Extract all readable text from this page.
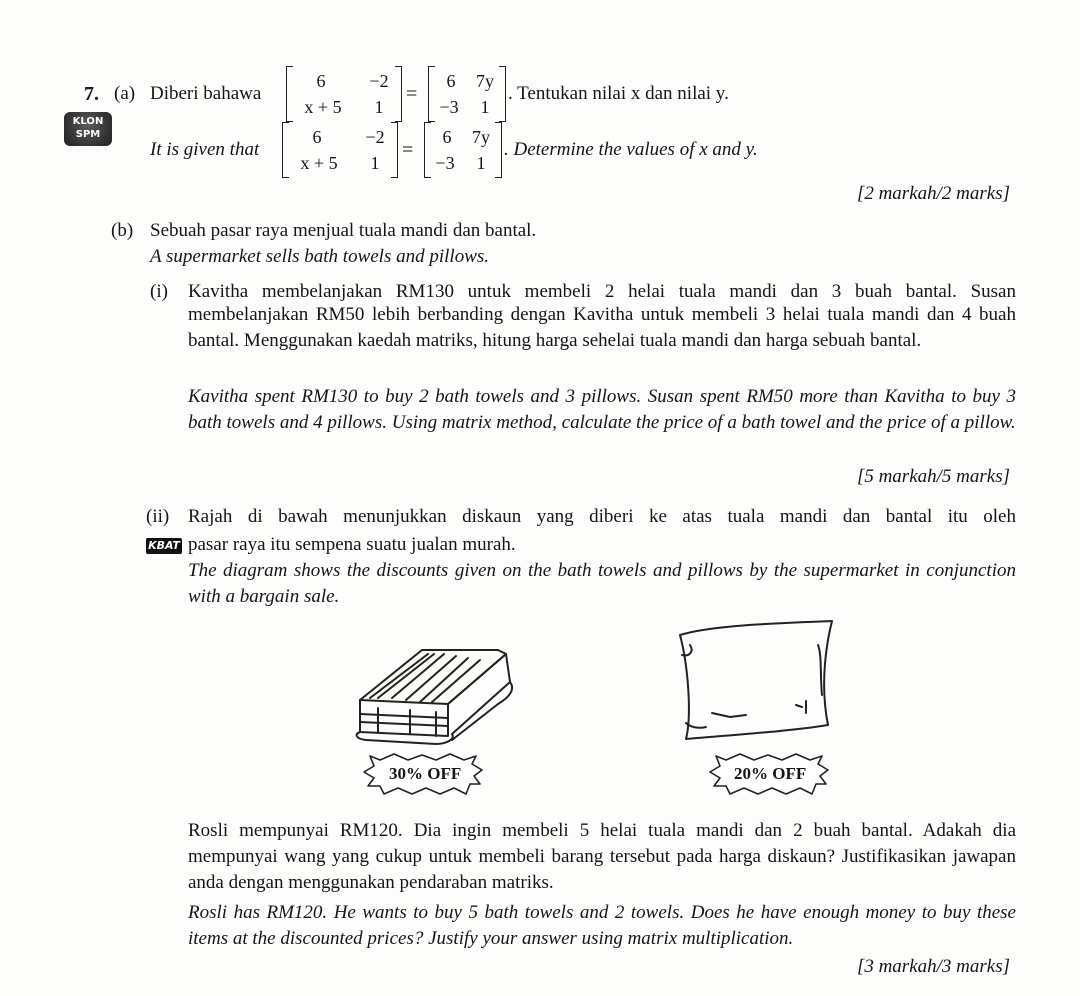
7. (a) Diberi bahawa
6	−2
x + 5	1
=
6	7y
−3	1
. Tentukan nilai x dan nilai y.
KLON SPM
It is given that
6	−2
x + 5	1
=
6	7y
−3	1
. Determine the values of x and y.
[2 markah/2 marks]
(b) Sebuah pasar raya menjual tuala mandi dan bantal.
A supermarket sells bath towels and pillows.
(i) Kavitha membelanjakan RM130 untuk membeli 2 helai tuala mandi dan 3 buah bantal. Susan
membelanjakan RM50 lebih berbanding dengan Kavitha untuk membeli 3 helai tuala mandi dan 4 buah bantal. Menggunakan kaedah matriks, hitung harga sehelai tuala mandi dan harga sebuah bantal.
Kavitha spent RM130 to buy 2 bath towels and 3 pillows. Susan spent RM50 more than Kavitha to buy 3 bath towels and 4 pillows. Using matrix method, calculate the price of a bath towel and the price of a pillow.
[5 markah/5 marks]
(ii) Rajah di bawah menunjukkan diskaun yang diberi ke atas tuala mandi dan bantal itu oleh
KBAT pasar raya itu sempena suatu jualan murah.
The diagram shows the discounts given on the bath towels and pillows by the supermarket in conjunction with a bargain sale.
30% OFF	20% OFF
Rosli mempunyai RM120. Dia ingin membeli 5 helai tuala mandi dan 2 buah bantal. Adakah dia mempunyai wang yang cukup untuk membeli barang tersebut pada harga diskaun? Justifikasikan jawapan anda dengan menggunakan pendaraban matriks.
Rosli has RM120. He wants to buy 5 bath towels and 2 towels. Does he have enough money to buy these items at the discounted prices? Justify your answer using matrix multiplication.
[3 markah/3 marks]
